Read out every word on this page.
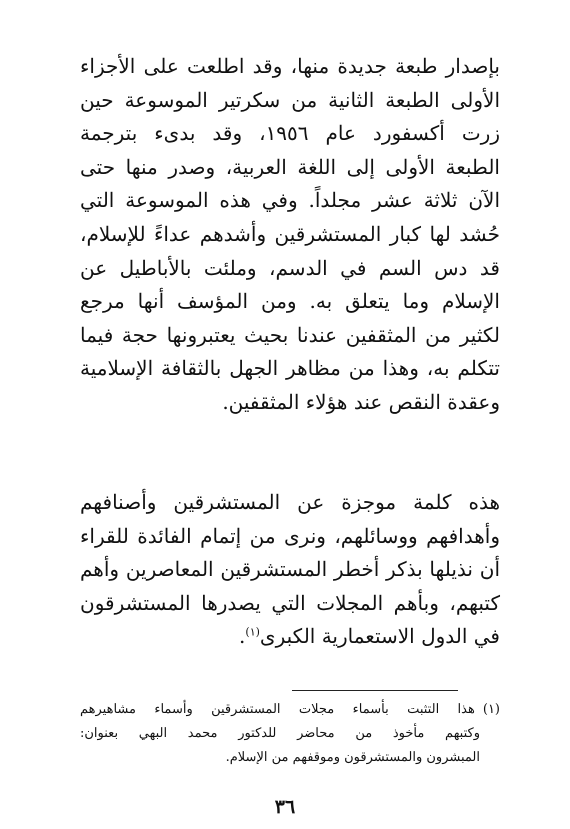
بإصدار طبعة جديدة منها، وقد اطلعت على الأجزاء
الأولى الطبعة الثانية من سكرتير الموسوعة حين
زرت أكسفورد عام ١٩٥٦، وقد بدىء بترجمة
الطبعة الأولى إلى اللغة العربية، وصدر منها حتى
الآن ثلاثة عشر مجلداً. وفي هذه الموسوعة التي
حُشد لها كبار المستشرقين وأشدهم عداءً للإسلام،
قد دس السم في الدسم، وملئت بالأباطيل عن
الإسلام وما يتعلق به. ومن المؤسف أنها مرجع
لكثير من المثقفين عندنا بحيث يعتبرونها حجة فيما
تتكلم به، وهذا من مظاهر الجهل بالثقافة الإسلامية
وعقدة النقص عند هؤلاء المثقفين.
هذه كلمة موجزة عن المستشرقين وأصنافهم
وأهدافهم ووسائلهم، ونرى من إتمام الفائدة للقراء
أن نذيلها بذكر أخطر المستشرقين المعاصرين وأهم
كتبهم، وبأهم المجلات التي يصدرها المستشرقون
في الدول الاستعمارية الكبرى$^{(١)}$.
(١)هذا التثبت بأسماء مجلات المستشرقين وأسماء مشاهيرهم
وكتبهم مأخوذ من محاضر للدكتور محمد البهي بعنوان:
المبشرون والمستشرقون وموقفهم من الإسلام.
٣٦
